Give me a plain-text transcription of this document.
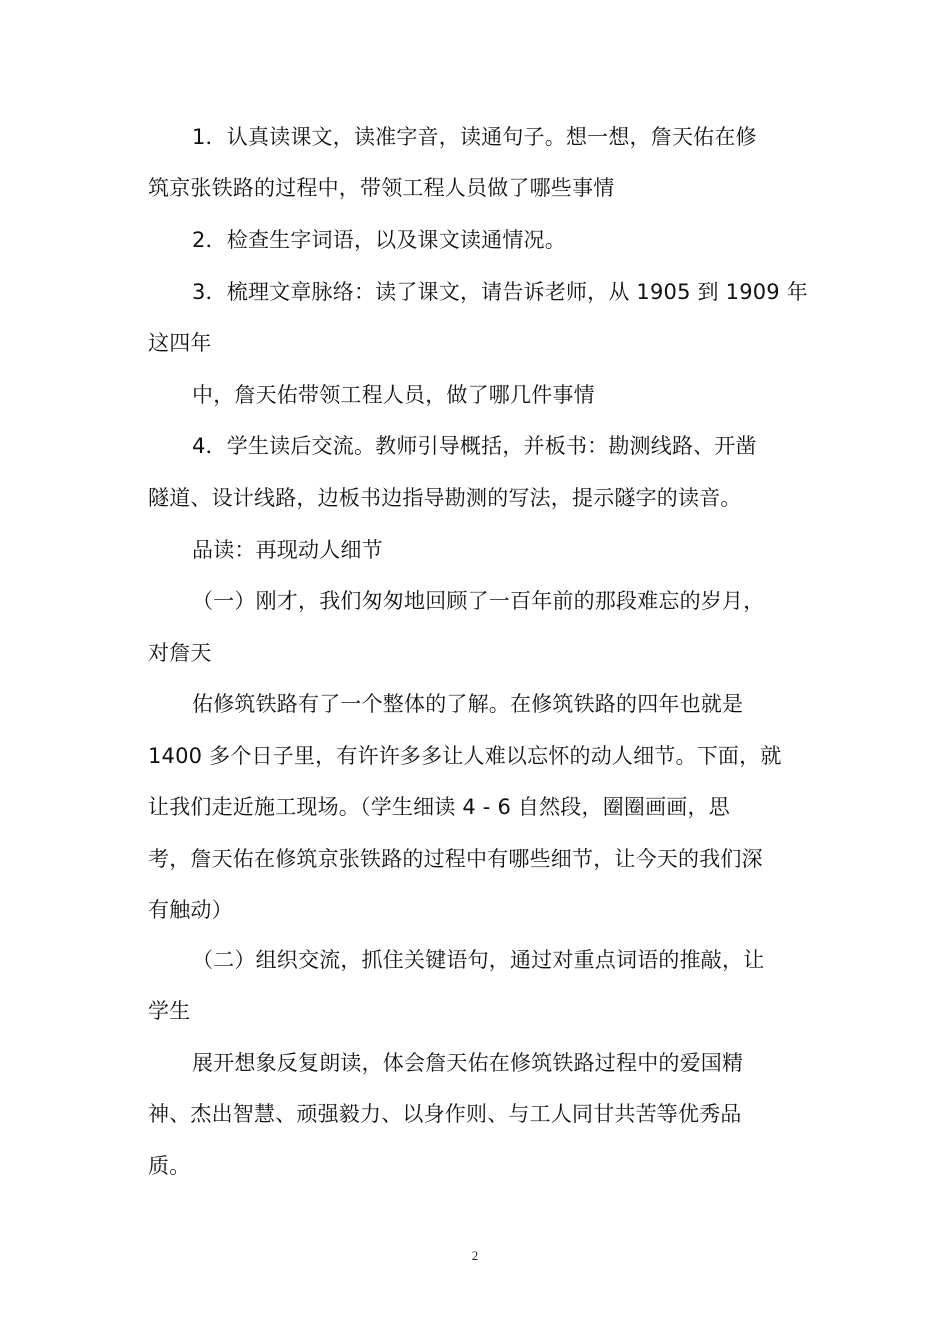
1．认真读课文，读准字音，读通句子。想一想，詹天佑在修
筑京张铁路的过程中，带领工程人员做了哪些事情
2．检查生字词语，以及课文读通情况。
3．梳理文章脉络：读了课文，请告诉老师，从 1905 到 1909 年
这四年
中，詹天佑带领工程人员，做了哪几件事情
4．学生读后交流。教师引导概括，并板书：勘测线路、开凿
隧道、设计线路，边板书边指导勘测的写法，提示隧字的读音。
品读：再现动人细节
（一）刚才，我们匆匆地回顾了一百年前的那段难忘的岁月，
对詹天
佑修筑铁路有了一个整体的了解。在修筑铁路的四年也就是
1400 多个日子里，有许许多多让人难以忘怀的动人细节。下面，就
让我们走近施工现场。（学生细读 4 - 6 自然段，圈圈画画，思
考，詹天佑在修筑京张铁路的过程中有哪些细节，让今天的我们深
有触动）
（二）组织交流，抓住关键语句，通过对重点词语的推敲，让
学生
展开想象反复朗读，体会詹天佑在修筑铁路过程中的爱国精
神、杰出智慧、顽强毅力、以身作则、与工人同甘共苦等优秀品
质。
2
